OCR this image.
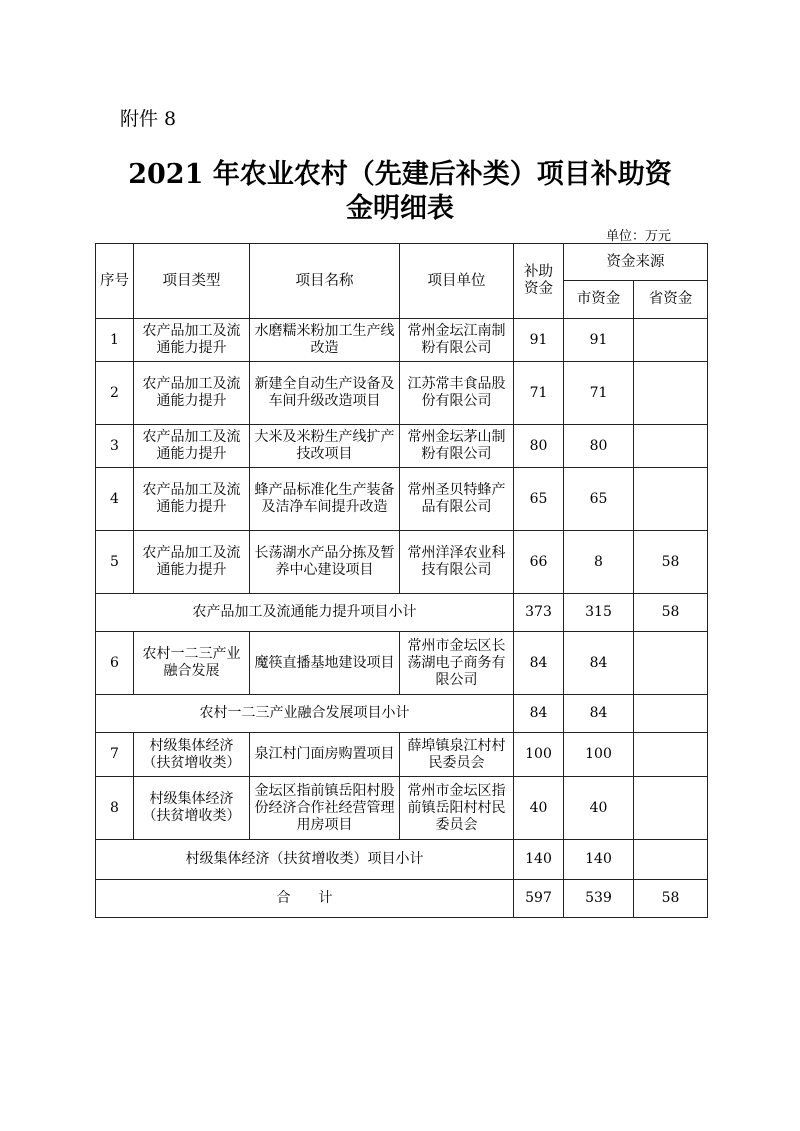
附件 8
2021 年农业农村（先建后补类）项目补助资
金明细表
单位：万元
序号	项目类型	项目名称	项目单位	补助资金	资金来源	
					市资金	省资金
1	农产品加工及流通能力提升	水磨糯米粉加工生产线改造	常州金坛江南制粉有限公司	91	91	
2	农产品加工及流通能力提升	新建全自动生产设备及车间升级改造项目	江苏常丰食品股份有限公司	71	71	
3	农产品加工及流通能力提升	大米及米粉生产线扩产技改项目	常州金坛茅山制粉有限公司	80	80	
4	农产品加工及流通能力提升	蜂产品标准化生产装备及洁净车间提升改造	常州圣贝特蜂产品有限公司	65	65	
5	农产品加工及流通能力提升	长荡湖水产品分拣及暂养中心建设项目	常州洋泽农业科技有限公司	66	8	58
农产品加工及流通能力提升项目小计				373	315	58
6	农村一二三产业融合发展	魔筷直播基地建设项目	常州市金坛区长荡湖电子商务有限公司	84	84	
农村一二三产业融合发展项目小计				84	84	
7	村级集体经济（扶贫增收类）	泉江村门面房购置项目	薛埠镇泉江村村民委员会	100	100	
8	村级集体经济（扶贫增收类）	金坛区指前镇岳阳村股份经济合作社经营管理用房项目	常州市金坛区指前镇岳阳村村民委员会	40	40	
村级集体经济（扶贫增收类）项目小计				140	140	
合　　计				597	539	58
